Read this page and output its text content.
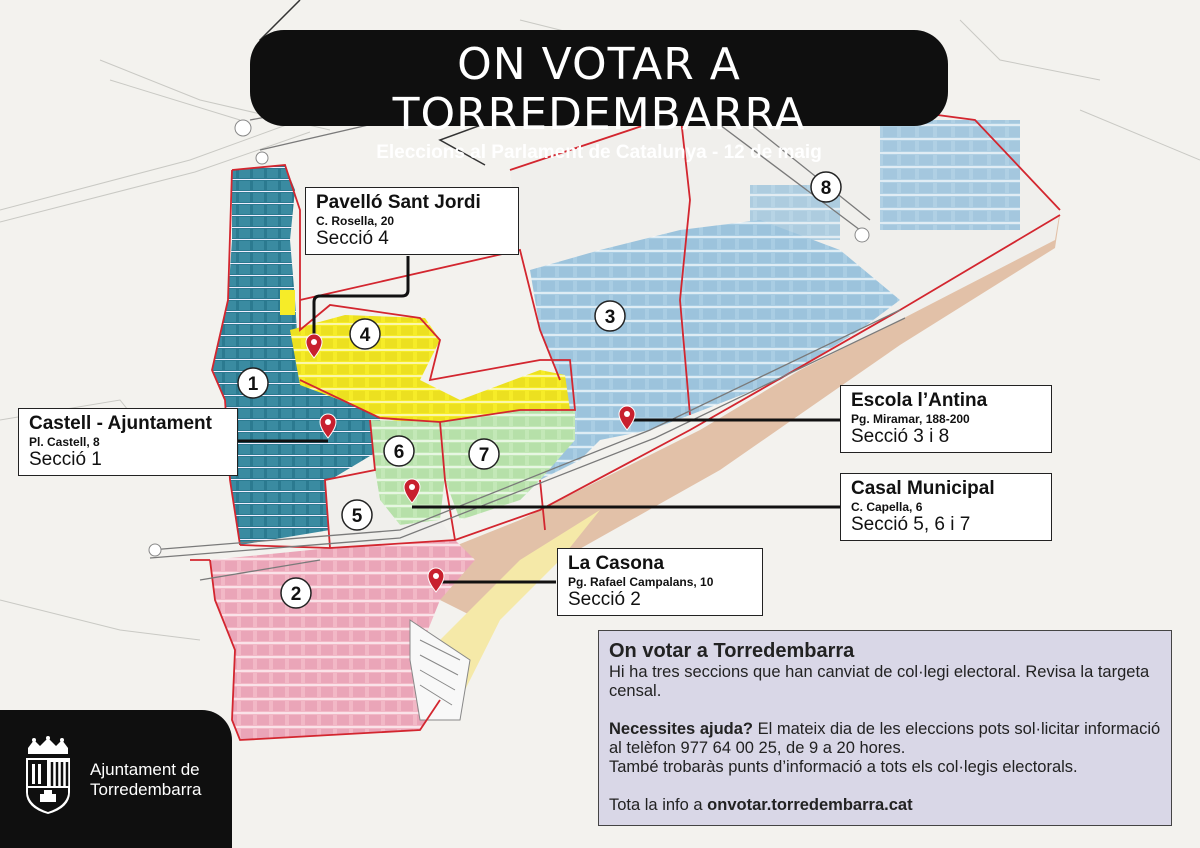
1
2
3
4
5
6	7
8
ON VOTAR A TORREDEMBARRA
Eleccions al Parlament de Catalunya - 12 de maig
Pavelló Sant Jordi
C. Rosella, 20
Secció 4
Castell - Ajuntament
Pl. Castell, 8
Secció 1
Escola l’Antina
Pg. Miramar, 188-200
Secció 3 i 8
Casal Municipal
C. Capella, 6
Secció 5, 6 i 7
La Casona
Pg. Rafael Campalans, 10
Secció 2
On votar a Torredembarra

Hi ha tres seccions que han canviat de col·legi electoral. Revisa la targeta censal.

Necessites ajuda? El mateix dia de les eleccions pots sol·licitar informació al telèfon 977 64 00 25, de 9 a 20 hores.

També trobaràs punts d’informació a tots els col·legis electorals.

Tota la info a onvotar.torredembarra.cat

Ajuntament de
Torredembarra
